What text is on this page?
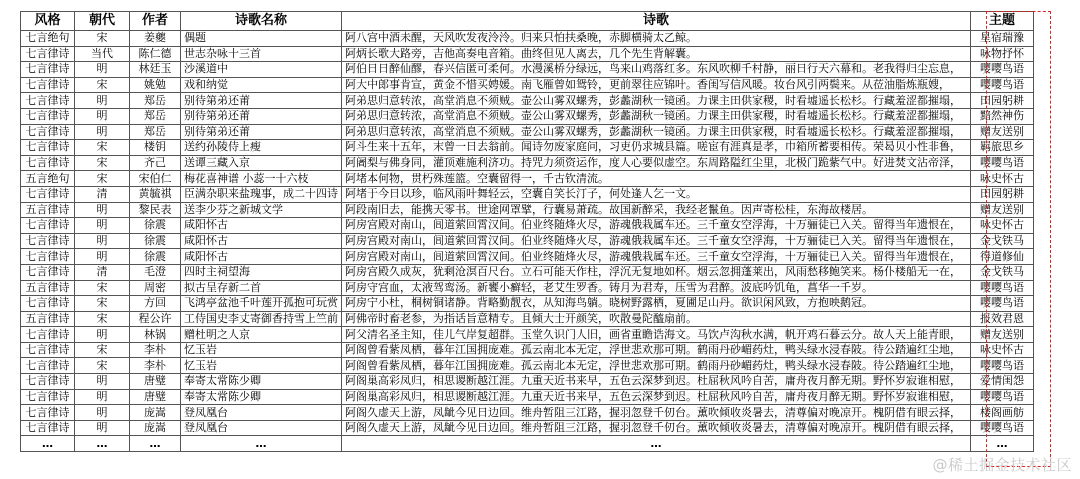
风格	朝代	作者	诗歌名称	诗歌	主题
七言绝句	宋	姜夔	偶题	阿八宫中酒未醒，天风吹发夜泠泠。归来只怕扶桑晚，赤脚横骑太乙鲸。	星宿瑞豫
七言律诗	当代	陈仁德	世志杂咏十三首	阿炳长歌大路旁，吉他高奏电音箱。曲终但见人离去，几个先生背解囊。	咏物抒怀
七言律诗	明	林廷玉	沙溪道中	阿伯日日醉仙醪，春兴信匿可柔何。水漫溪桥分绿远，鸟来山鸡落红多。东风吹柳千村静，丽日行天六幕和。老我得归尘忘息，	嘤嘤鸟语
七言律诗	宋	姚勉	戏和纳觉	阿大中郎事肯宣，黄金不惜买娉媛。南飞雁曾如鸳铃，更前翠往应锦叶。香闺写信风暖。妆台风引两鬓来。从莅油脂炼瓶嫂，	嘤嘤鸟语
七言律诗	明	郑岳	别待第弟还莆	阿弟思归意转浓，高堂消息不须贼。壶公山雾双螺秀，彭蠡湖秋一镜函。力课主田供家稷，时看墟遥长松杉。行藏羞涩都摧塌，	田园躬耕
七言律诗	明	郑岳	别待第弟还莆	阿弟思归意转浓，高堂消息不须贼。壶公山雾双螺秀，彭蠡湖秋一镜函。力课主田供家稷，时看墟遥长松杉。行藏羞涩都摧塌，	黯然神伤
七言律诗	明	郑岳	别待第弟还莆	阿弟思归意转浓，高堂消息不须贼。壶公山雾双螺秀，彭蠡湖秋一镜函。力课主田供家稷，时看墟遥长松杉。行藏羞涩都摧塌，	赠友送别
七言律诗	宋	楼钥	送约孙陵侍上瘦	阿斗生来十五年，末曾一日去翁前。闻诗勿废家庭问，习吏仍求城县篇。嗟宦有涯真是孝，巾箱所蓄要相传。荣曷贝小性非鲁，	羁旅思乡
七言律诗	宋	齐己	送谭三藏入京	阿阇梨与佛身同，灌顶难施利济功。持咒力须资运作，度人心要似虚空。东周路隘红尘里，北极门跪紫气中。好进焚文沾帝泽，	嘤嘤鸟语
五言绝句	宋	宋伯仁	梅花喜神谱 小蕊一十六枝	阿堵本何物，贯朽殊莲篮。空囊留得一，千古钦清流。	咏史怀古
七言律诗	清	黄毓祺	臣满杂职来盐瑰事，成二十四诗	阿堵于今日以珍，临风雨叶舞轻云，空囊自笑长汀子，何处逢人乞一文。	田园躬耕
五言律诗	明	黎民表	送李少芬之新城文学	阿段南旧去，能携天零书。世途网罩擘，行囊易萧疏。故国新醉采，我经老鬣鱼。因声寄松桂，东海故楼居。	赠友送别
七言律诗	明	徐震	咸阳怀古	阿房宫殿对南山，闾道萦回霄汉间。伯业终随烽火尽，游魂俄栽属车还。三千童女空浮海，十万骊徒已入关。留得当年遗恨在，	咏史怀古
七言律诗	明	徐震	咸阳怀古	阿房宫殿对南山，闾道萦回霄汉间。伯业终随烽火尽，游魂俄栽属车还。三千童女空浮海，十万骊徒已入关。留得当年遗恨在，	金戈铁马
七言律诗	明	徐震	咸阳怀古	阿房宫殿对南山，闾道萦回霄汉间。伯业终随烽火尽，游魂俄栽属车还。三千童女空浮海，十万骊徒已入关。留得当年遗恨在，	得道修仙
七言律诗	清	毛澄	四时主祠望海	阿房宫殿久成灰，犹剩沧溟百尺台。立石可能天作柱，浮沉无复地如杯。烟云忽拥蓬莱出，风雨愁移鲍笑来。杨仆楼船无一在，	金戈铁马
五言律诗	宋	周密	拟古呈存新二首	阿房守宫血，太液驾鸾汤。新饔小癣轻，老艾生罗香。铸月为君寿，压雪为君醉。波底吟饥龟，菖华一千岁。	嘤嘤鸟语
七言律诗	宋	方回	飞鸿亭盆池千叶莲开孤抱可玩赏	阿房宁小杜，桐树铜诸静。背略勤靓衣，从知海鸟躺。晓树野露栖，夏圃足山丹。欲识闲风致，方抱映鹅冠。	嘤嘤鸟语
五言律诗	宋	程公许	工侍国史李丈寄御香持雪上竺前	阿佛帝时畜老参，为指话旨意精专。且倾大士开颜笑，吹散曼陀醯扇前。	报效君恩
七言律诗	明	林锅	赠杜明之人京	阿父清名圣主知，佳儿气岸复超群。玉堂久识门人旧，画省重瞻诰海文。马饮卢沟秋水满，帆开鸡石暮云分。故人天上能青眼，	赠友送别
七言律诗	宋	李朴	忆玉岩	阿阁曾看紫凤栖，暮年江国拥庞难。孤云南北本无定，浮世悲欢那可期。鹤雨丹砂嵋药灶，鸭头绿水浸春陂。待公踏遍红尘地，	咏史怀古
七言律诗	宋	李朴	忆玉岩	阿阁曾看紫凤栖，暮年江国拥庞难。孤云南北本无定，浮世悲欢那可期。鹤雨丹砂嵋药灶，鸭头绿水浸春陂。待公踏遍红尘地，	嘤嘤鸟语
七言律诗	明	唐璧	奉寄太常陈少卿	阿阁巢高彩凤归，相思谡断越江涯。九重天近书来早，五色云深梦到迟。杜屈秋风吟自苦，庸舟夜月醉无期。野怀岁寂谁相慰，	爱情闺怨
七言律诗	明	唐璧	奉寄太常陈少卿	阿阁巢高彩凤归，相思谡断越江涯。九重天近书来早，五色云深梦到迟。杜屈秋风吟自苦，庸舟夜月醉无期。野怀岁寂谁相慰，	嘤嘤鸟语
七言律诗	明	庞嵩	登凤凰台	阿阁久虚天上游，凤龇今见日边回。维舟暂阻三江路，握羽忽登千仞台。薰吹倾收炎暑去，清尊偏对晚凉开。槐阴借有眼云择，	楼阁画舫
七言律诗	明	庞嵩	登凤凰台	阿阁久虚天上游，凤龇今见日边回。维舟暂阻三江路，握羽忽登千仞台。薰吹倾收炎暑去，清尊偏对晚凉开。槐阴借有眼云择，	嘤嘤鸟语
…	…	…	…	…	…
@稀土掘金技术社区
